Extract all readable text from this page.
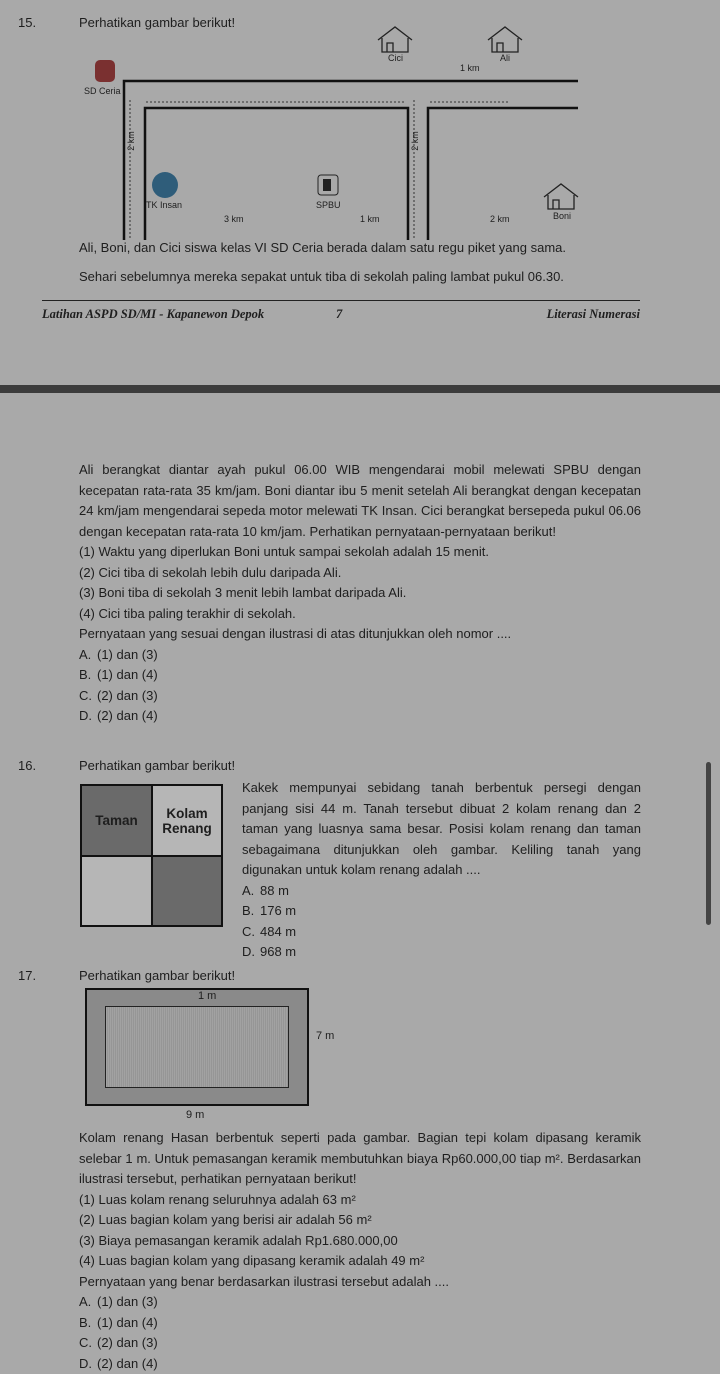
15.	Perhatikan gambar berikut!
Cici	Ali
Boni
SD Ceria
TK Insan	SPBU
2 km	2 km
1 km
3 km	1 km	2 km
Ali, Boni, dan Cici siswa kelas VI SD Ceria berada dalam satu regu piket yang sama.
Sehari sebelumnya mereka sepakat untuk tiba di sekolah paling lambat pukul 06.30.
Latihan ASPD SD/MI - Kapanewon Depok	7	Literasi Numerasi
Ali berangkat diantar ayah pukul 06.00 WIB mengendarai mobil melewati SPBU dengan kecepatan rata-rata 35 km/jam. Boni diantar ibu 5 menit setelah Ali berangkat dengan kecepatan 24 km/jam mengendarai sepeda motor melewati TK Insan. Cici berangkat bersepeda pukul 06.06 dengan kecepatan rata-rata 10 km/jam. Perhatikan pernyataan-pernyataan berikut!
(1) Waktu yang diperlukan Boni untuk sampai sekolah adalah 15 menit.
(2) Cici tiba di sekolah lebih dulu daripada Ali.
(3) Boni tiba di sekolah 3 menit lebih lambat daripada Ali.
(4) Cici tiba paling terakhir di sekolah.
Pernyataan yang sesuai dengan ilustrasi di atas ditunjukkan oleh nomor ....
A. (1) dan (3)
B. (1) dan (4)
C. (2) dan (3)
D. (2) dan (4)
16.	Perhatikan gambar berikut!
Taman	Kolam
Renang
Kakek mempunyai sebidang tanah berbentuk persegi dengan panjang sisi 44 m. Tanah tersebut dibuat 2 kolam renang dan 2 taman yang luasnya sama besar. Posisi kolam renang dan taman sebagaimana ditunjukkan oleh gambar. Keliling tanah yang digunakan untuk kolam renang adalah ....
A. 88 m
B. 176 m
C. 484 m
D. 968 m
17.	Perhatikan gambar berikut!
1 m
7 m
9 m
Kolam renang Hasan berbentuk seperti pada gambar. Bagian tepi kolam dipasang keramik selebar 1 m. Untuk pemasangan keramik membutuhkan biaya Rp60.000,00 tiap m². Berdasarkan ilustrasi tersebut, perhatikan pernyataan berikut!
(1) Luas kolam renang seluruhnya adalah 63 m²
(2) Luas bagian kolam yang berisi air adalah 56 m²
(3) Biaya pemasangan keramik adalah Rp1.680.000,00
(4) Luas bagian kolam yang dipasang keramik adalah 49 m²
Pernyataan yang benar berdasarkan ilustrasi tersebut adalah ....
A. (1) dan (3)
B. (1) dan (4)
C. (2) dan (3)
D. (2) dan (4)
